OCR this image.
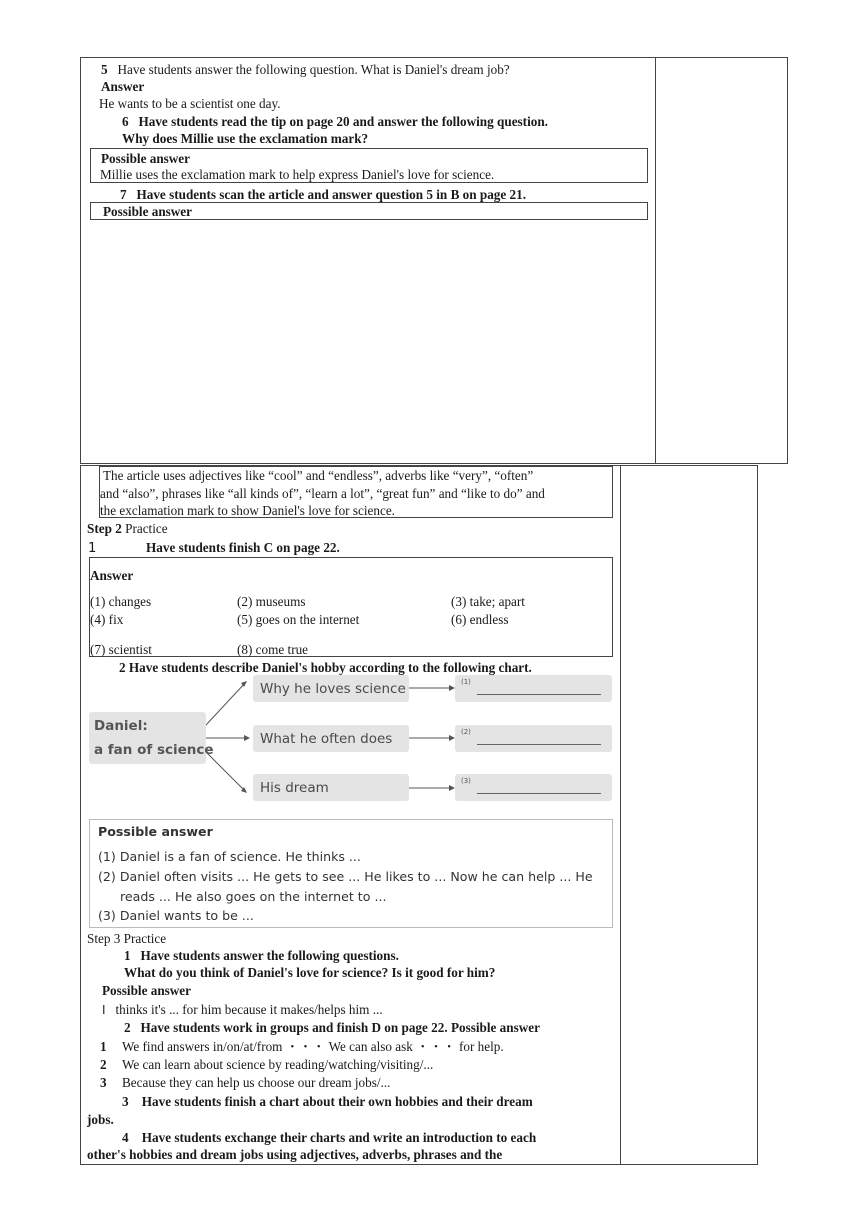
5 Have students answer the following question. What is Daniel's dream job?
Answer
He wants to be a scientist one day.
6 Have students read the tip on page 20 and answer the following question.
Why does Millie use the exclamation mark?
Possible answer
Millie uses the exclamation mark to help express Daniel's love for science.
7 Have students scan the article and answer question 5 in B on page 21.
Possible answer
The article uses adjectives like “cool” and “endless”, adverbs like “very”, “often”
and “also”, phrases like “all kinds of”, “learn a lot”, “great fun” and “like to do” and
the exclamation mark to show Daniel's love for science.
Step 2 Practice
1	Have students finish C on page 22.
Answer
(1) changes	(2) museums	(3) take; apart
(4) fix	(5) goes on the internet	(6) endless
(7) scientist	(8) come true
2 Have students describe Daniel's hobby according to the following chart.
Daniel:
a fan of science
Why he loves science
What he often does
His dream
(1)
(2)
(3)
Possible answer
(1) Daniel is a fan of science. He thinks ...
(2) Daniel often visits ... He gets to see ... He likes to ... Now he can help ... He
reads ... He also goes on the internet to ...
(3) Daniel wants to be ...
Step 3 Practice
1 Have students answer the following questions.
What do you think of Daniel's love for science? Is it good for him?
Possible answer
I thinks it's ... for him because it makes/helps him ...
2 Have students work in groups and finish D on page 22. Possible answer
1 We find answers in/on/at/from ・・・ We can also ask ・・・ for help.
2 We can learn about science by reading/watching/visiting/...
3 Because they can help us choose our dream jobs/...
3 Have students finish a chart about their own hobbies and their dream
jobs.
4 Have students exchange their charts and write an introduction to each
other's hobbies and dream jobs using adjectives, adverbs, phrases and the
